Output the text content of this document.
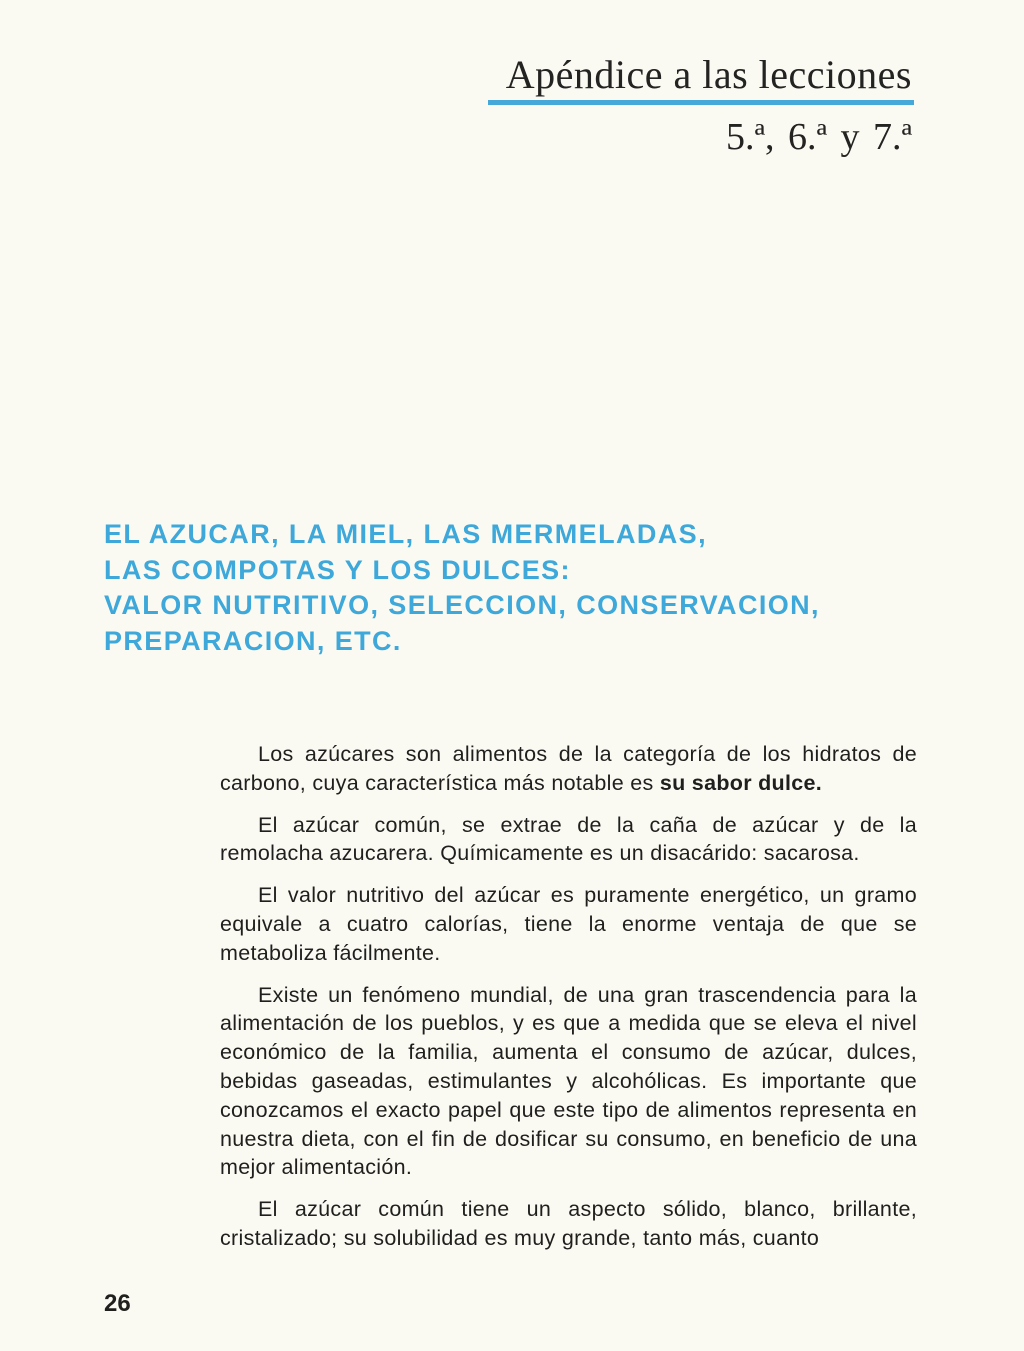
Apéndice a las lecciones
5.ª, 6.ª y 7.ª
EL AZUCAR, LA MIEL, LAS MERMELADAS,
LAS COMPOTAS Y LOS DULCES:
VALOR NUTRITIVO, SELECCION, CONSERVACION,
PREPARACION, ETC.

Los azúcares son alimentos de la categoría de los hidratos de carbono, cuya característica más notable es su sabor dulce.

El azúcar común, se extrae de la caña de azúcar y de la remolacha azucarera. Químicamente es un disacárido: sacarosa.

El valor nutritivo del azúcar es puramente energético, un gramo equivale a cuatro calorías, tiene la enorme ventaja de que se metaboliza fácilmente.

Existe un fenómeno mundial, de una gran trascendencia para la alimentación de los pueblos, y es que a medida que se eleva el nivel económico de la familia, aumenta el consumo de azúcar, dulces, bebidas gaseadas, estimulantes y alcohólicas. Es importante que conozcamos el exacto papel que este tipo de alimentos representa en nuestra dieta, con el fin de dosificar su consumo, en beneficio de una mejor alimentación.

El azúcar común tiene un aspecto sólido, blanco, brillante, cristalizado; su solubilidad es muy grande, tanto más, cuanto

26
